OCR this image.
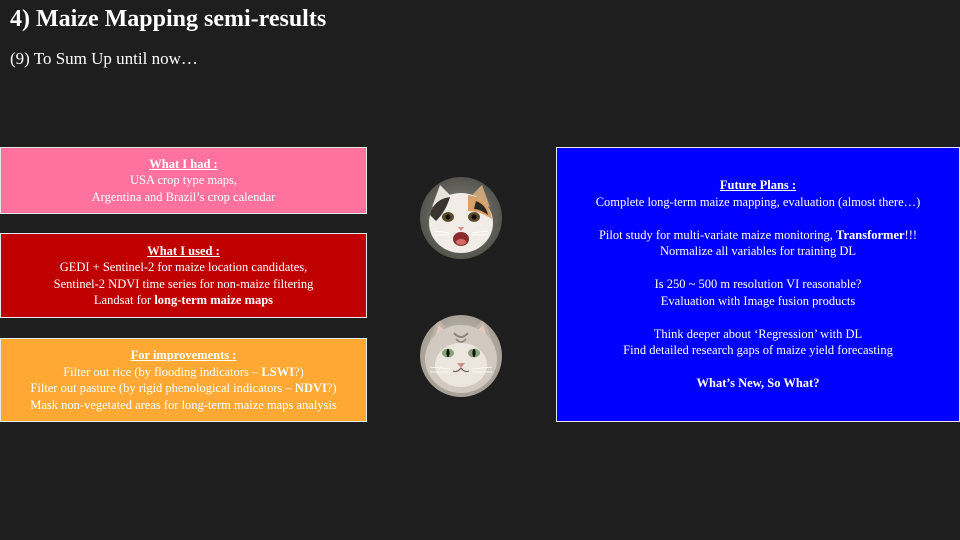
4) Maize Mapping semi-results
(9) To Sum Up until now…
What I had :
USA crop type maps,
Argentina and Brazil’s crop calendar
What I used :
GEDI + Sentinel-2 for maize location candidates,
Sentinel-2 NDVI time series for non-maize filtering
Landsat for long-term maize maps
For improvements :
Filter out rice (by flooding indicators – LSWI?)
Filter out pasture (by rigid phenological indicators – NDVI?)
Mask non-vegetated areas for long-term maize maps analysis
Future Plans :
Complete long-term maize mapping, evaluation (almost there…)
Pilot study for multi-variate maize monitoring, Transformer!!!
Normalize all variables for training DL
Is 250 ~ 500 m resolution VI reasonable?
Evaluation with Image fusion products
Think deeper about ‘Regression’ with DL
Find detailed research gaps of maize yield forecasting
What’s New, So What?
